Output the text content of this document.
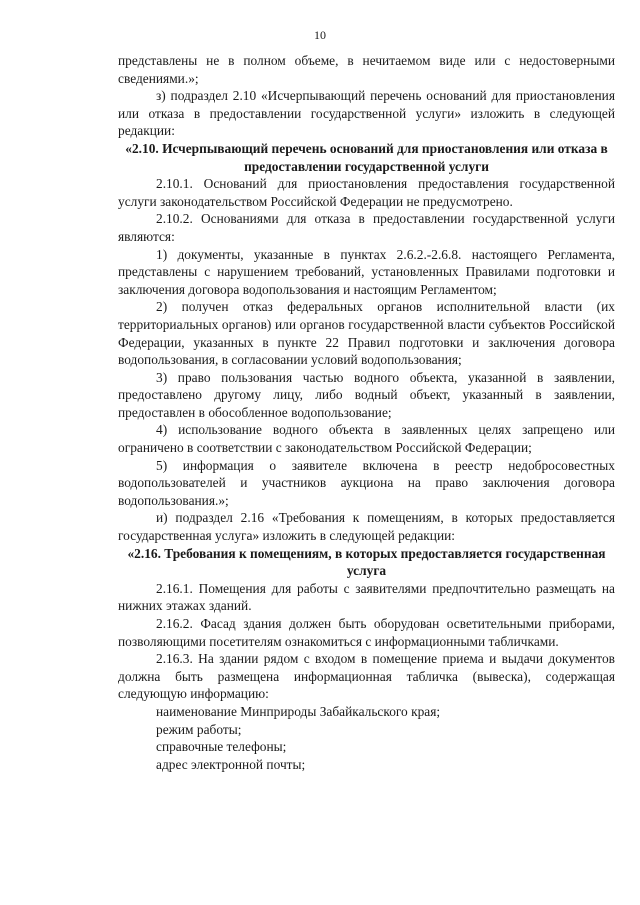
10

представлены не в полном объеме, в нечитаемом виде или с недостоверными сведениями.»;

з) подраздел 2.10 «Исчерпывающий перечень оснований для приостановления или отказа в предоставлении государственной услуги» изложить в следующей редакции:

«2.10. Исчерпывающий перечень оснований для приостановления или отказа в предоставлении государственной услуги

2.10.1. Оснований для приостановления предоставления государственной услуги законодательством Российской Федерации не предусмотрено.

2.10.2. Основаниями для отказа в предоставлении государственной услуги являются:

1) документы, указанные в пунктах 2.6.2.-2.6.8. настоящего Регламента, представлены с нарушением требований, установленных Правилами подготовки и заключения договора водопользования и настоящим Регламентом;

2) получен отказ федеральных органов исполнительной власти (их территориальных органов) или органов государственной власти субъектов Российской Федерации, указанных в пункте 22 Правил подготовки и заключения договора водопользования, в согласовании условий водопользования;

3) право пользования частью водного объекта, указанной в заявлении, предоставлено другому лицу, либо водный объект, указанный в заявлении, предоставлен в обособленное водопользование;

4) использование водного объекта в заявленных целях запрещено или ограничено в соответствии с законодательством Российской Федерации;

5) информация о заявителе включена в реестр недобросовестных водопользователей и участников аукциона на право заключения договора водопользования.»;

и) подраздел 2.16 «Требования к помещениям, в которых предоставляется государственная услуга» изложить в следующей редакции:

«2.16. Требования к помещениям, в которых предоставляется государственная услуга

2.16.1. Помещения для работы с заявителями предпочтительно размещать на нижних этажах зданий.

2.16.2. Фасад здания должен быть оборудован осветительными приборами, позволяющими посетителям ознакомиться с информационными табличками.

2.16.3. На здании рядом с входом в помещение приема и выдачи документов должна быть размещена информационная табличка (вывеска), содержащая следующую информацию:

наименование Минприроды Забайкальского края;
режим работы;
справочные телефоны;
адрес электронной почты;
